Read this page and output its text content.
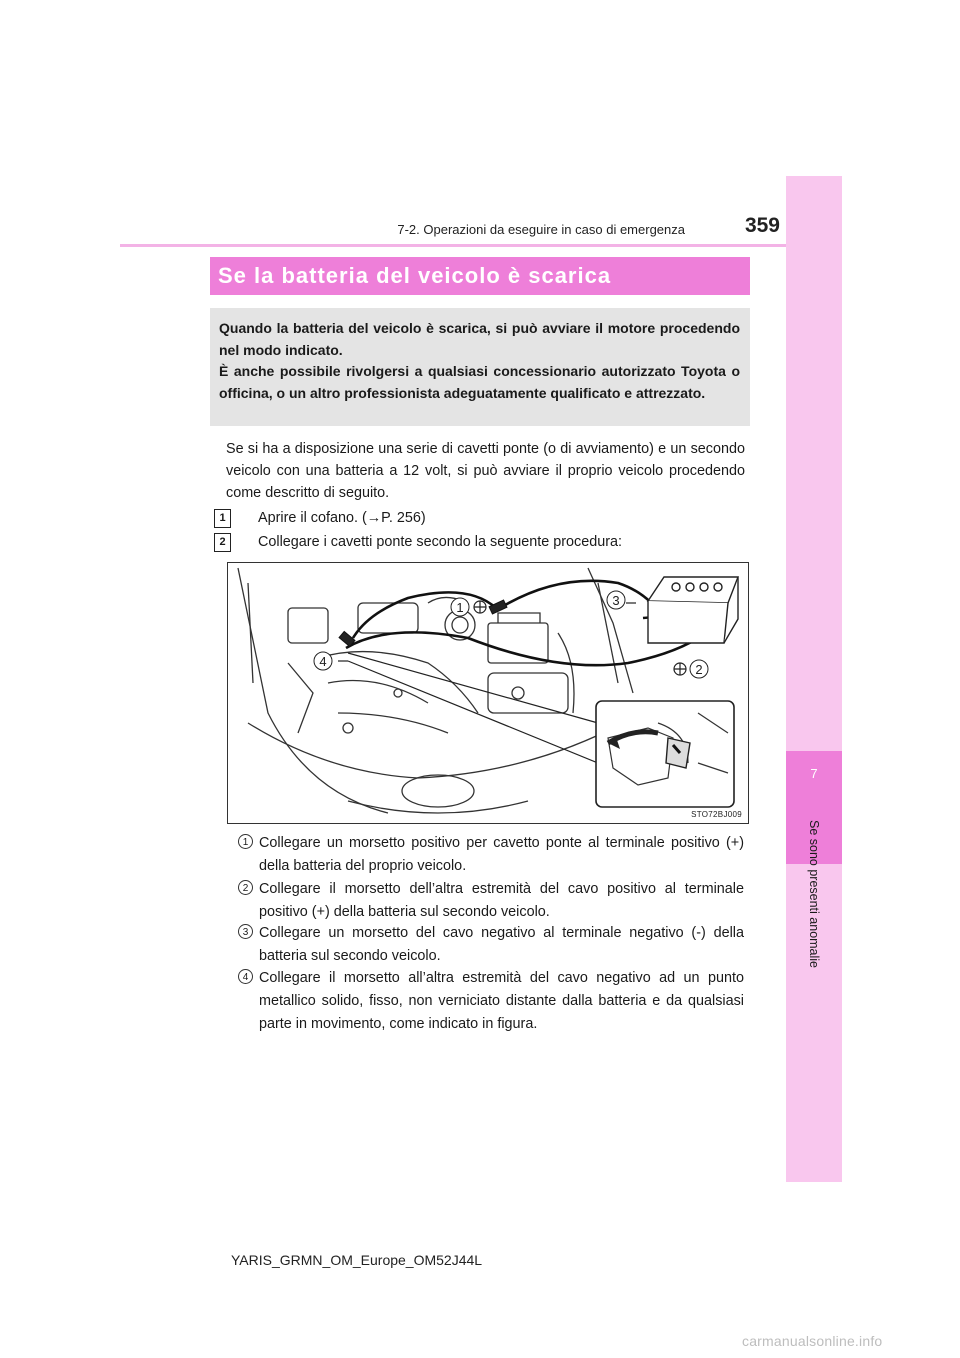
7
Se sono presenti anomalie
7-2. Operazioni da eseguire in caso di emergenza	359
Se la batteria del veicolo è scarica

Quando la batteria del veicolo è scarica, si può avviare il motore procedendo nel modo indicato.

È anche possibile rivolgersi a qualsiasi concessionario autorizzato Toyota o officina, o un altro professionista adeguatamente qualificato e attrezzato.

Se si ha a disposizione una serie di cavetti ponte (o di avviamento) e un secondo veicolo con una batteria a 12 volt, si può avviare il proprio veicolo procedendo come descritto di seguito.

1	Aprire il cofano. (→P. 256)
2	Collegare i cavetti ponte secondo la seguente procedura:
1
2
3
4
STO72BJ009
1 Collegare un morsetto positivo per cavetto ponte al terminale positivo (+) della batteria del proprio veicolo.

2 Collegare il morsetto dell’altra estremità del cavo positivo al terminale positivo (+) della batteria sul secondo veicolo.

3 Collegare un morsetto del cavo negativo al terminale negativo (-) della batteria sul secondo veicolo.

4 Collegare il morsetto all’altra estremità del cavo negativo ad un punto metallico solido, fisso, non verniciato distante dalla batteria e da qualsiasi parte in movimento, come indicato in figura.

YARIS_GRMN_OM_Europe_OM52J44L
carmanualsonline.info
